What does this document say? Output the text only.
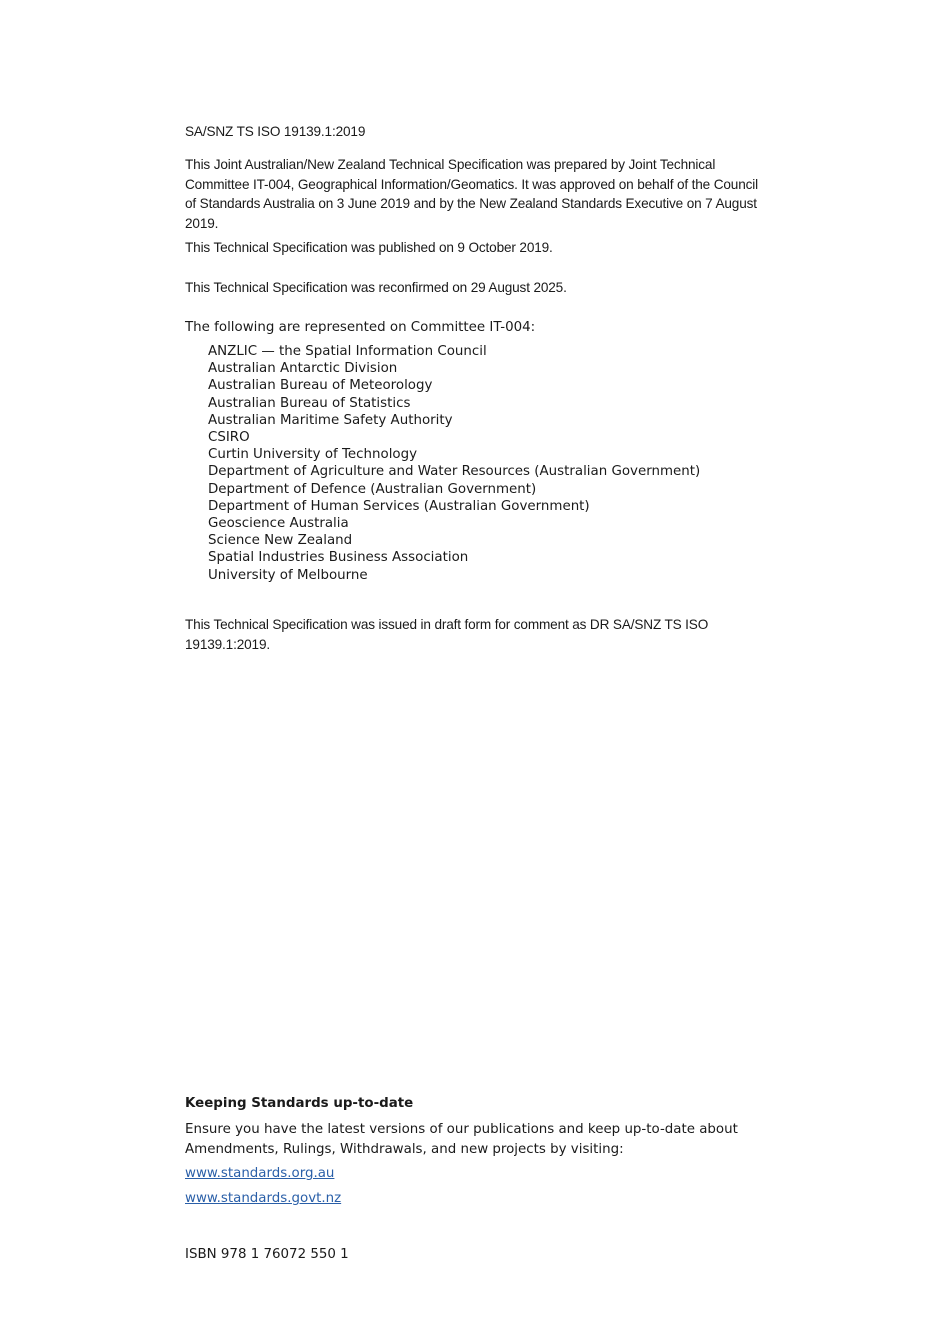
SA/SNZ TS ISO 19139.1:2019

This Joint Australian/New Zealand Technical Specification was prepared by Joint Technical Committee IT-004, Geographical Information/Geomatics. It was approved on behalf of the Council of Standards Australia on 3 June 2019 and by the New Zealand Standards Executive on 7 August 2019.

This Technical Specification was published on 9 October 2019.

This Technical Specification was reconfirmed on 29 August 2025.

The following are represented on Committee IT-004:

ANZLIC — the Spatial Information Council
Australian Antarctic Division
Australian Bureau of Meteorology
Australian Bureau of Statistics
Australian Maritime Safety Authority
CSIRO
Curtin University of Technology
Department of Agriculture and Water Resources (Australian Government)
Department of Defence (Australian Government)
Department of Human Services (Australian Government)
Geoscience Australia
Science New Zealand
Spatial Industries Business Association
University of Melbourne

This Technical Specification was issued in draft form for comment as DR SA/SNZ TS ISO 19139.1:2019.

Keeping Standards up-to-date

Ensure you have the latest versions of our publications and keep up-to-date about Amendments, Rulings, Withdrawals, and new projects by visiting:

www.standards.org.au
www.standards.govt.nz

ISBN 978 1 76072 550 1
